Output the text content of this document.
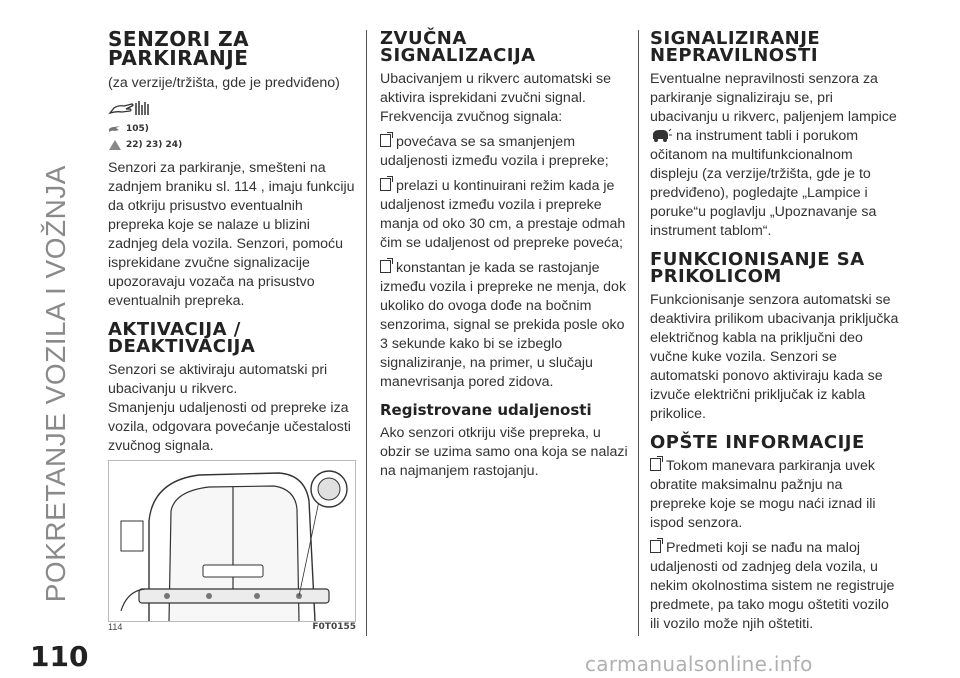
POKRETANJE VOZILA I VOŽNJA
110
SENZORI ZA PARKIRANJE

(za verzije/tržišta, gde je predviđeno)

105)
22) 23) 24)

Senzori za parkiranje, smešteni na zadnjem braniku sl. 114 , imaju funkciju da otkriju prisustvo eventualnih prepreka koje se nalaze u blizini zadnjeg dela vozila. Senzori, pomoću isprekidane zvučne signalizacije upozoravaju vozača na prisustvo eventualnih prepreka.

AKTIVACIJA / DEAKTIVACIJA

Senzori se aktiviraju automatski pri ubacivanju u rikverc.

Smanjenju udaljenosti od prepreke iza vozila, odgovara povećanje učestalosti zvučnog signala.

114	F0T0155
ZVUČNA SIGNALIZACIJA

Ubacivanjem u rikverc automatski se aktivira isprekidani zvučni signal. Frekvencija zvučnog signala:

povećava se sa smanjenjem udaljenosti između vozila i prepreke;

prelazi u kontinuirani režim kada je udaljenost između vozila i prepreke manja od oko 30 cm, a prestaje odmah čim se udaljenost od prepreke poveća;

konstantan je kada se rastojanje između vozila i prepreke ne menja, dok ukoliko do ovoga dođe na bočnim senzorima, signal se prekida posle oko 3 sekunde kako bi se izbeglo signaliziranje, na primer, u slučaju manevrisanja pored zidova.

Registrovane udaljenosti

Ako senzori otkriju više prepreka, u obzir se uzima samo ona koja se nalazi na najmanjem rastojanju.

SIGNALIZIRANJE NEPRAVILNOSTI

Eventualne nepravilnosti senzora za parkiranje signaliziraju se, pri ubacivanju u rikverc, paljenjem lampice  na instrument tabli i porukom očitanom na multifunkcionalnom displeju (za verzije/tržišta, gde je to predviđeno), pogledajte „Lampice i poruke“u poglavlju „Upoznavanje sa instrument tablom“.

FUNKCIONISANJE SA PRIKOLICOM

Funkcionisanje senzora automatski se deaktivira prilikom ubacivanja priključka električnog kabla na priključni deo vučne kuke vozila. Senzori se automatski ponovo aktiviraju kada se izvuče električni priključak iz kabla prikolice.

OPŠTE INFORMACIJE

Tokom manevara parkiranja uvek obratite maksimalnu pažnju na prepreke koje se mogu naći iznad ili ispod senzora.

Predmeti koji se nađu na maloj udaljenosti od zadnjeg dela vozila, u nekim okolnostima sistem ne registruje predmete, pa tako mogu oštetiti vozilo ili vozilo može njih oštetiti.

carmanualsonline.info
